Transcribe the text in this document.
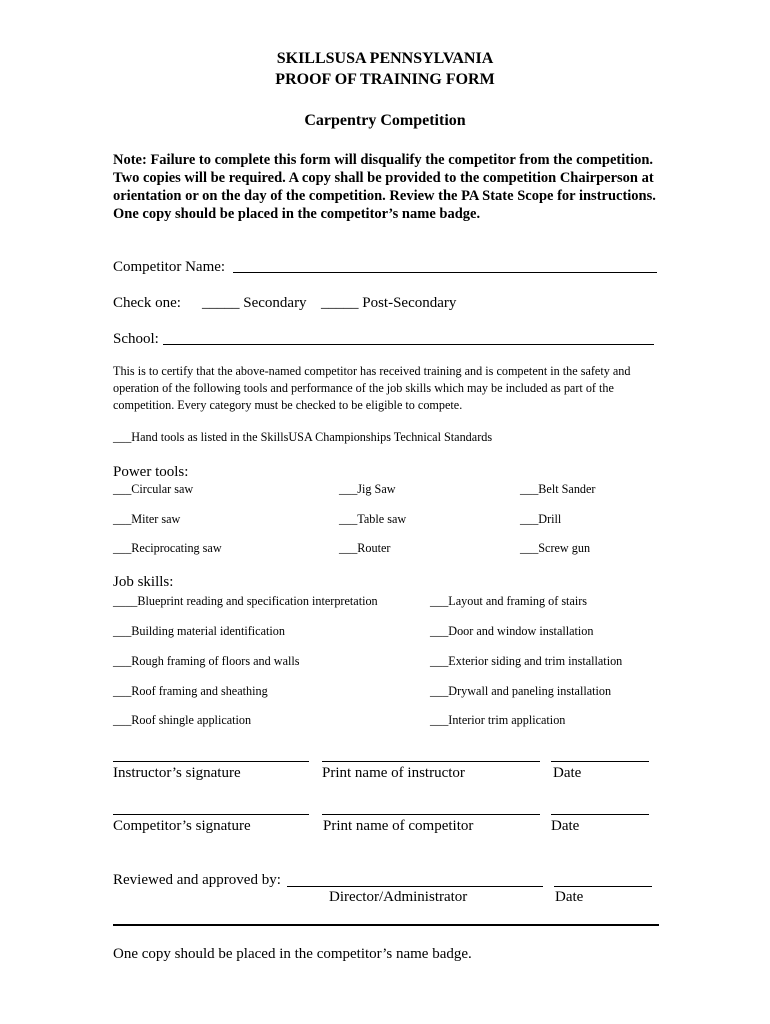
SKILLSUSA PENNSYLVANIA
PROOF OF TRAINING FORM
Carpentry Competition
Note: Failure to complete this form will disqualify the competitor from the competition. Two copies will be required. A copy shall be provided to the competition Chairperson at orientation or on the day of the competition. Review the PA State Scope for instructions. One copy should be placed in the competitor’s name badge.
Competitor Name:
Check one: _____ Secondary _____ Post-Secondary
School:
This is to certify that the above-named competitor has received training and is competent in the safety and operation of the following tools and performance of the job skills which may be included as part of the competition. Every category must be checked to be eligible to compete.
___Hand tools as listed in the SkillsUSA Championships Technical Standards
Power tools:
___Circular saw	___Jig Saw	___Belt Sander
___Miter saw	___Table saw	___Drill
___Reciprocating saw	___Router	___Screw gun
Job skills:
____Blueprint reading and specification interpretation	___Layout and framing of stairs
___Building material identification	___Door and window installation
___Rough framing of floors and walls	___Exterior siding and trim installation
___Roof framing and sheathing	___Drywall and paneling installation
___Roof shingle application	___Interior trim application
Instructor’s signature	Print name of instructor	Date
Competitor’s signature	Print name of competitor	Date
Reviewed and approved by:
Director/Administrator	Date
One copy should be placed in the competitor’s name badge.
